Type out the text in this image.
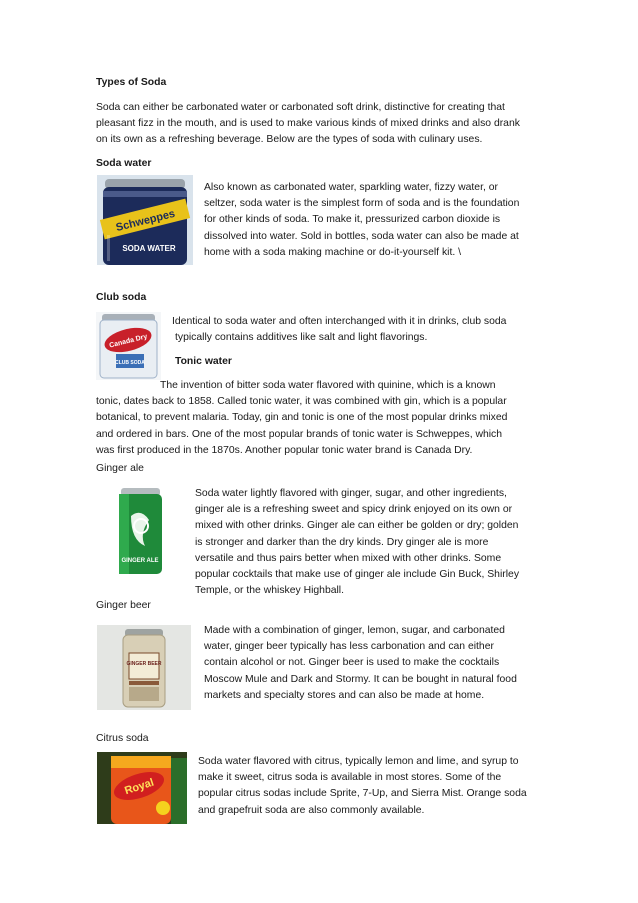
Types of Soda
Soda can either be carbonated water or carbonated soft drink, distinctive for creating that
pleasant fizz in the mouth, and is used to make various kinds of mixed drinks and also drank
on its own as a refreshing beverage. Below are the types of soda with culinary uses.
Soda water
Schweppes
SODA WATER
Also known as carbonated water, sparkling water, fizzy water, or
seltzer, soda water is the simplest form of soda and is the foundation
for other kinds of soda. To make it, pressurized carbon dioxide is
dissolved into water. Sold in bottles, soda water can also be made at
home with a soda making machine or do-it-yourself kit. \
Club soda
Canada Dry
CLUB SODA
Identical to soda water and often interchanged with it in drinks, club soda
typically contains additives like salt and light flavorings.
Tonic water
The invention of bitter soda water flavored with quinine, which is a known
tonic, dates back to 1858. Called tonic water, it was combined with gin, which is a popular
botanical, to prevent malaria. Today, gin and tonic is one of the most popular drinks mixed
and ordered in bars. One of the most popular brands of tonic water is Schweppes, which
was first produced in the 1870s. Another popular tonic water brand is Canada Dry.
Ginger ale
GINGER ALE
Soda water lightly flavored with ginger, sugar, and other ingredients,
ginger ale is a refreshing sweet and spicy drink enjoyed on its own or
mixed with other drinks. Ginger ale can either be golden or dry; golden
is stronger and darker than the dry kinds. Dry ginger ale is more
versatile and thus pairs better when mixed with other drinks. Some
popular cocktails that make use of ginger ale include Gin Buck, Shirley
Temple, or the whiskey Highball.
Ginger beer
GINGER BEER
Made with a combination of ginger, lemon, sugar, and carbonated
water, ginger beer typically has less carbonation and can either
contain alcohol or not. Ginger beer is used to make the cocktails
Moscow Mule and Dark and Stormy. It can be bought in natural food
markets and specialty stores and can also be made at home.
Citrus soda
Royal
Soda water flavored with citrus, typically lemon and lime, and syrup to
make it sweet, citrus soda is available in most stores. Some of the
popular citrus sodas include Sprite, 7-Up, and Sierra Mist. Orange soda
and grapefruit soda are also commonly available.
